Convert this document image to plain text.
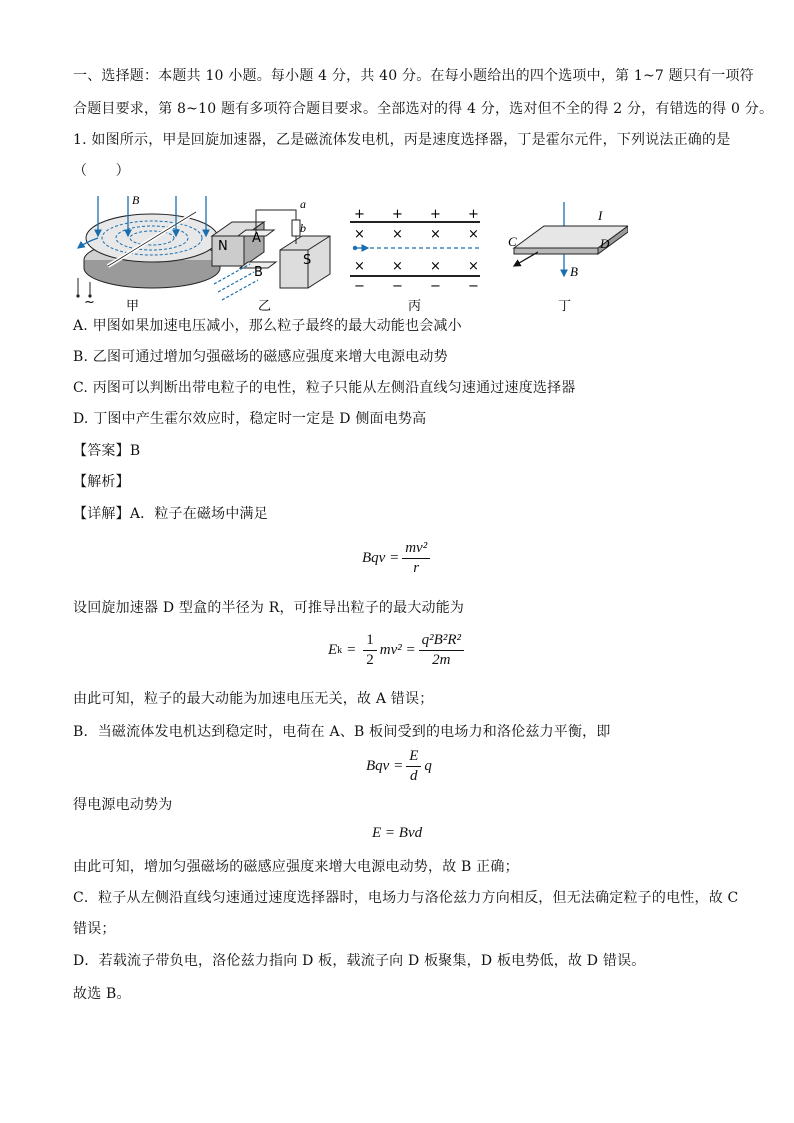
一、选择题：本题共 10 小题。每小题 4 分，共 40 分。在每小题给出的四个选项中，第 1~7 题只有一项符
合题目要求，第 8~10 题有多项符合题目要求。全部选对的得 4 分，选对但不全的得 2 分，有错选的得 0 分。
1. 如图所示，甲是回旋加速器，乙是磁流体发电机，丙是速度选择器，丁是霍尔元件，下列说法正确的是
（　　）
~
B
甲
N
A
B
S
a
b
乙
+ + + +
× × × ×
× × × ×
− − − −
丙
I
C	D
B
丁
A. 甲图如果加速电压减小，那么粒子最终的最大动能也会减小
B. 乙图可通过增加匀强磁场的磁感应强度来增大电源电动势
C. 丙图可以判断出带电粒子的电性，粒子只能从左侧沿直线匀速通过速度选择器
D. 丁图中产生霍尔效应时，稳定时一定是 D 侧面电势高
【答案】B
【解析】
【详解】A．粒子在磁场中满足
Bqv = $\frac{\text{mv²}}{r}$
设回旋加速器 D 型盒的半径为 R，可推导出粒子的最大动能为
E $k = \frac{1}{2} mv^2 = \frac{\text{q²B²R²}}{2m}$
由此可知，粒子的最大动能为加速电压无关，故 A 错误；
B．当磁流体发电机达到稳定时，电荷在 A、B 板间受到的电场力和洛伦兹力平衡，即
Bqv = $\frac{E}{d}$ q
得电源电动势为
E = Bvd
由此可知，增加匀强磁场的磁感应强度来增大电源电动势，故 B 正确；
C．粒子从左侧沿直线匀速通过速度选择器时，电场力与洛伦兹力方向相反，但无法确定粒子的电性，故 C
错误；
D．若载流子带负电，洛伦兹力指向 D 板，载流子向 D 板聚集，D 板电势低，故 D 错误。
故选 B。
